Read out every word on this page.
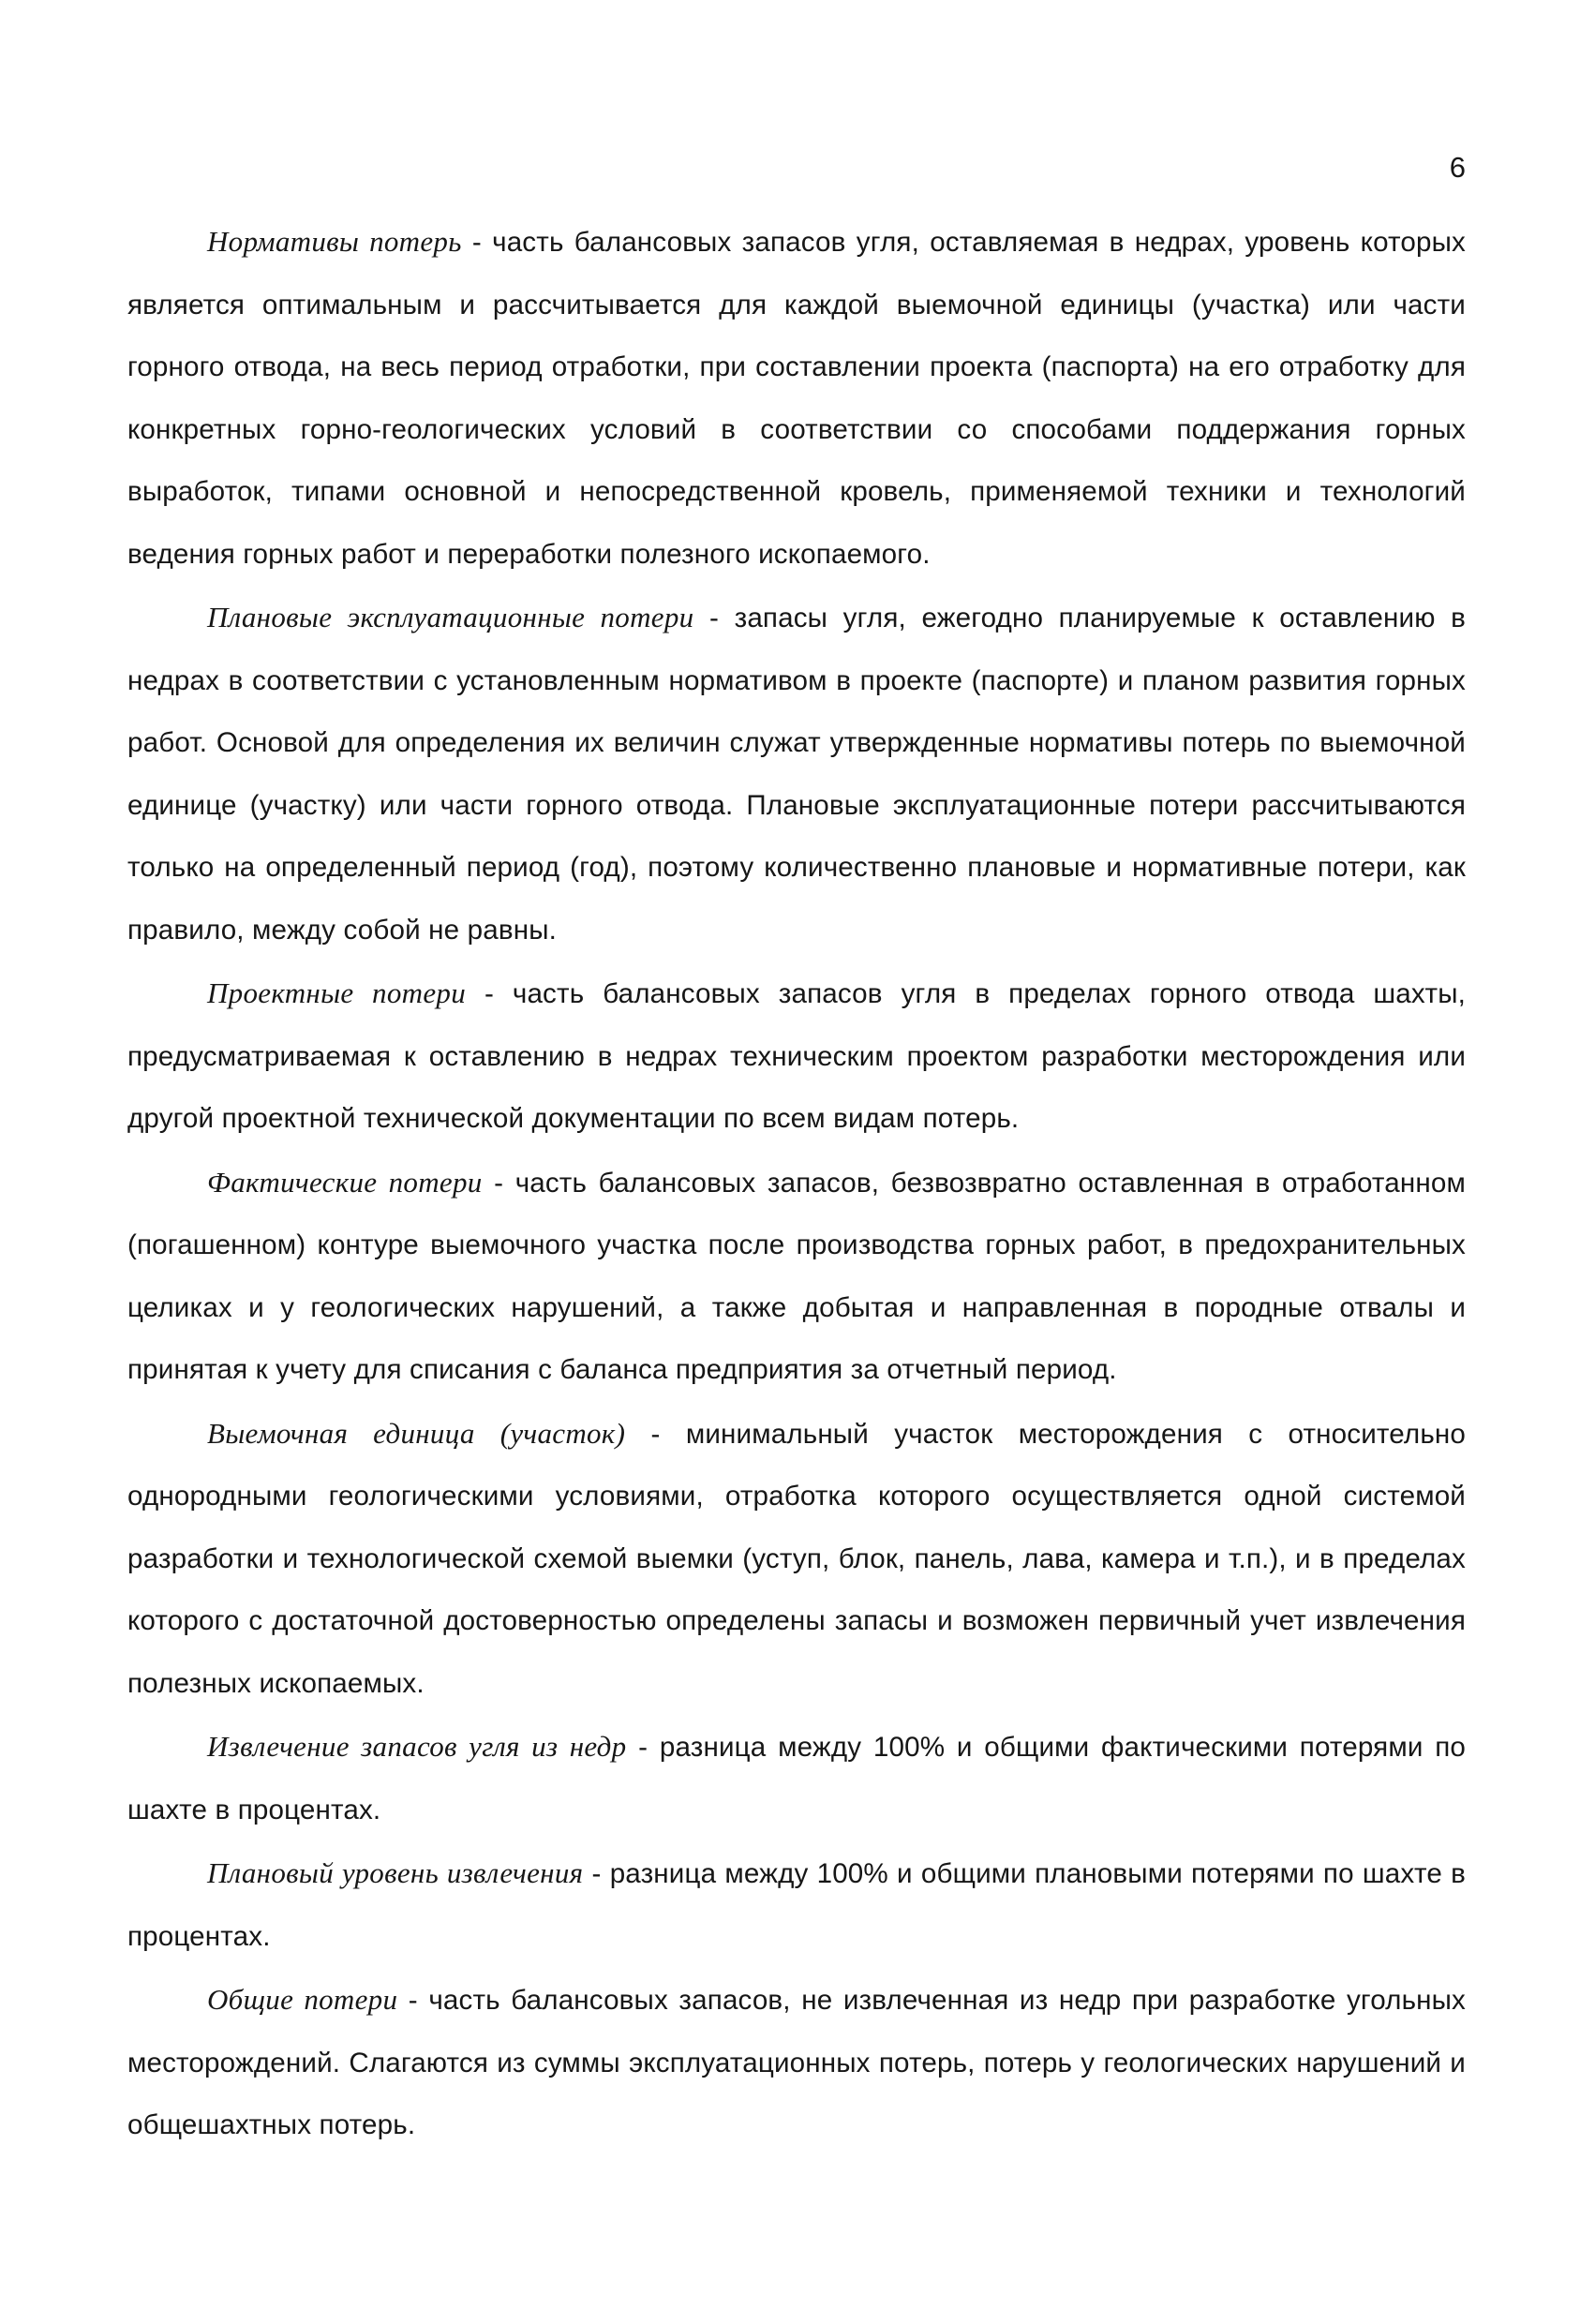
6

Нормативы потерь - часть балансовых запасов угля, оставляемая в недрах, уровень которых является оптимальным и рассчитывается для каждой выемочной единицы (участка) или части горного отвода, на весь период отработки, при составлении проекта (паспорта) на его отработку для конкретных горно-геологических условий в соответствии со способами поддержания горных выработок, типами основной и непосредственной кровель, применяемой техники и технологий ведения горных работ и переработки полезного ископаемого.

Плановые эксплуатационные потери - запасы угля, ежегодно планируемые к оставлению в недрах в соответствии с установленным нормативом в проекте (паспорте) и планом развития горных работ. Основой для определения их величин служат утвержденные нормативы потерь по выемочной единице (участку) или части горного отвода. Плановые эксплуатационные потери рассчитываются только на определенный период (год), поэтому количественно плановые и нормативные потери, как правило, между собой не равны.

Проектные потери - часть балансовых запасов угля в пределах горного отвода шахты, предусматриваемая к оставлению в недрах техническим проектом разработки месторождения или другой проектной технической документации по всем видам потерь.

Фактические потери - часть балансовых запасов, безвозвратно оставленная в отработанном (погашенном) контуре выемочного участка после производства горных работ, в предохранительных целиках и у геологических нарушений, а также добытая и направленная в породные отвалы и принятая к учету для списания с баланса предприятия за отчетный период.

Выемочная единица (участок) - минимальный участок месторождения с относительно однородными геологическими условиями, отработка которого осуществляется одной системой разработки и технологической схемой выемки (уступ, блок, панель, лава, камера и т.п.), и в пределах которого с достаточной достоверностью определены запасы и возможен первичный учет извлечения полезных ископаемых.

Извлечение запасов угля из недр - разница между 100% и общими фактическими потерями по шахте в процентах.

Плановый уровень извлечения - разница между 100% и общими плановыми потерями по шахте в процентах.

Общие потери - часть балансовых запасов, не извлеченная из недр при разработке угольных месторождений. Слагаются из суммы эксплуатационных потерь, потерь у геологических нарушений и общешахтных потерь.
